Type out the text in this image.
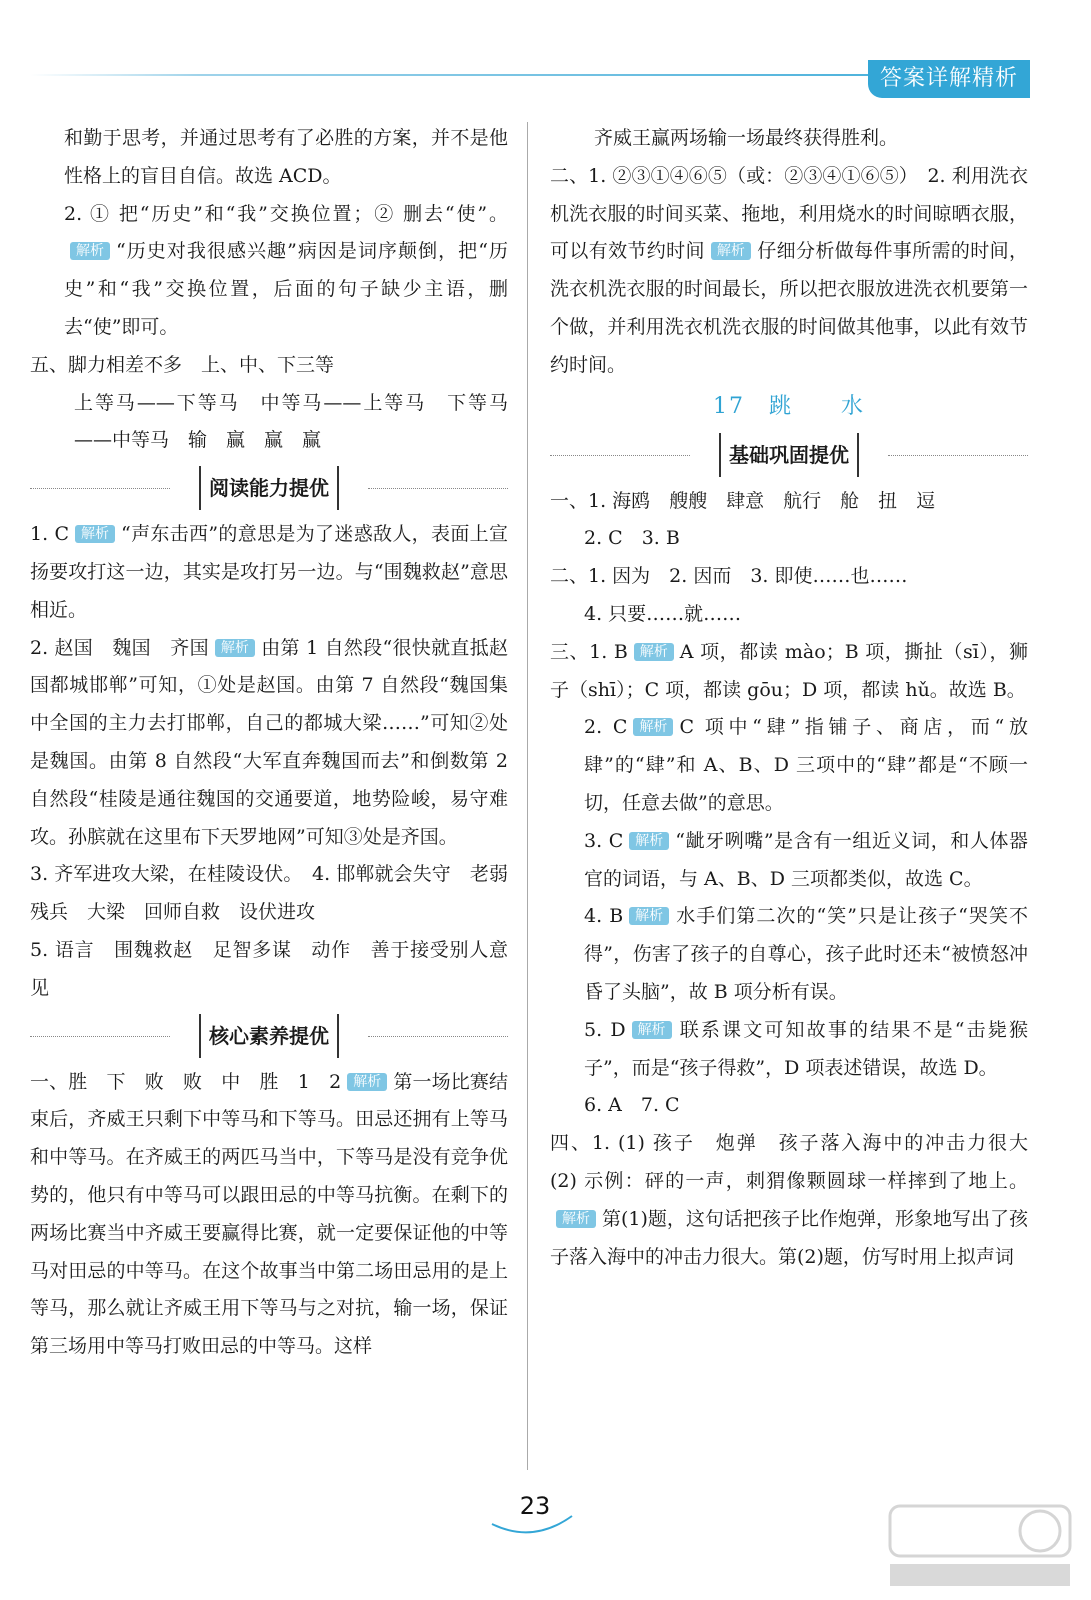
答案详解精析

和勤于思考，并通过思考有了必胜的方案，并不是他性格上的盲目自信。故选 ACD。

2. ① 把“历史”和“我”交换位置；② 删去“使”。解析 “历史对我很感兴趣”病因是词序颠倒，把“历史”和“我”交换位置，后面的句子缺少主语，删去“使”即可。

五、脚力相差不多　上、中、下三等

上等马——下等马　中等马——上等马　下等马——中等马　输　赢　赢　赢

阅读能力提优

1. C 解析 “声东击西”的意思是为了迷惑敌人，表面上宣扬要攻打这一边，其实是攻打另一边。与“围魏救赵”意思相近。

2. 赵国　魏国　齐国 解析 由第 1 自然段“很快就直抵赵国都城邯郸”可知，①处是赵国。由第 7 自然段“魏国集中全国的主力去打邯郸，自己的都城大梁……”可知②处是魏国。由第 8 自然段“大军直奔魏国而去”和倒数第 2 自然段“桂陵是通往魏国的交通要道，地势险峻，易守难攻。孙膑就在这里布下天罗地网”可知③处是齐国。

3. 齐军进攻大梁，在桂陵设伏。　4. 邯郸就会失守　老弱残兵　大梁　回师自救　设伏进攻

5. 语言　围魏救赵　足智多谋　动作　善于接受别人意见

核心素养提优

一、胜　下　败　败　中　胜　1　2 解析 第一场比赛结束后，齐威王只剩下中等马和下等马。田忌还拥有上等马和中等马。在齐威王的两匹马当中，下等马是没有竞争优势的，他只有中等马可以跟田忌的中等马抗衡。在剩下的两场比赛当中齐威王要赢得比赛，就一定要保证他的中等马对田忌的中等马。在这个故事当中第二场田忌用的是上等马，那么就让齐威王用下等马与之对抗，输一场，保证第三场用中等马打败田忌的中等马。这样

齐威王赢两场输一场最终获得胜利。

二、1. ②③①④⑥⑤（或：②③④①⑥⑤）　2. 利用洗衣机洗衣服的时间买菜、拖地，利用烧水的时间晾晒衣服，可以有效节约时间 解析 仔细分析做每件事所需的时间，洗衣机洗衣服的时间最长，所以把衣服放进洗衣机要第一个做，并利用洗衣机洗衣服的时间做其他事，以此有效节约时间。

17　跳　　水
基础巩固提优

一、1. 海鸥　艘艘　肆意　航行　舱　扭　逗

2. C　3. B

二、1. 因为　2. 因而　3. 即使……也……

4. 只要……就……

三、1. B 解析 A 项，都读 mào；B 项，撕扯（sī），狮子（shī）；C 项，都读 gōu；D 项，都读 hǔ。故选 B。

2. C 解析 C 项中“肆”指铺子、商店，而“放肆”的“肆”和 A、B、D 三项中的“肆”都是“不顾一切，任意去做”的意思。

3. C 解析 “龇牙咧嘴”是含有一组近义词，和人体器官的词语，与 A、B、D 三项都类似，故选 C。

4. B 解析 水手们第二次的“笑”只是让孩子“哭笑不得”，伤害了孩子的自尊心，孩子此时还未“被愤怒冲昏了头脑”，故 B 项分析有误。

5. D 解析 联系课文可知故事的结果不是“击毙猴子”，而是“孩子得救”，D 项表述错误，故选 D。

6. A　7. C

四、1. (1) 孩子　炮弹　孩子落入海中的冲击力很大　(2) 示例：砰的一声，刺猬像颗圆球一样摔到了地上。解析 第(1)题，这句话把孩子比作炮弹，形象地写出了孩子落入海中的冲击力很大。第(2)题，仿写时用上拟声词

23
